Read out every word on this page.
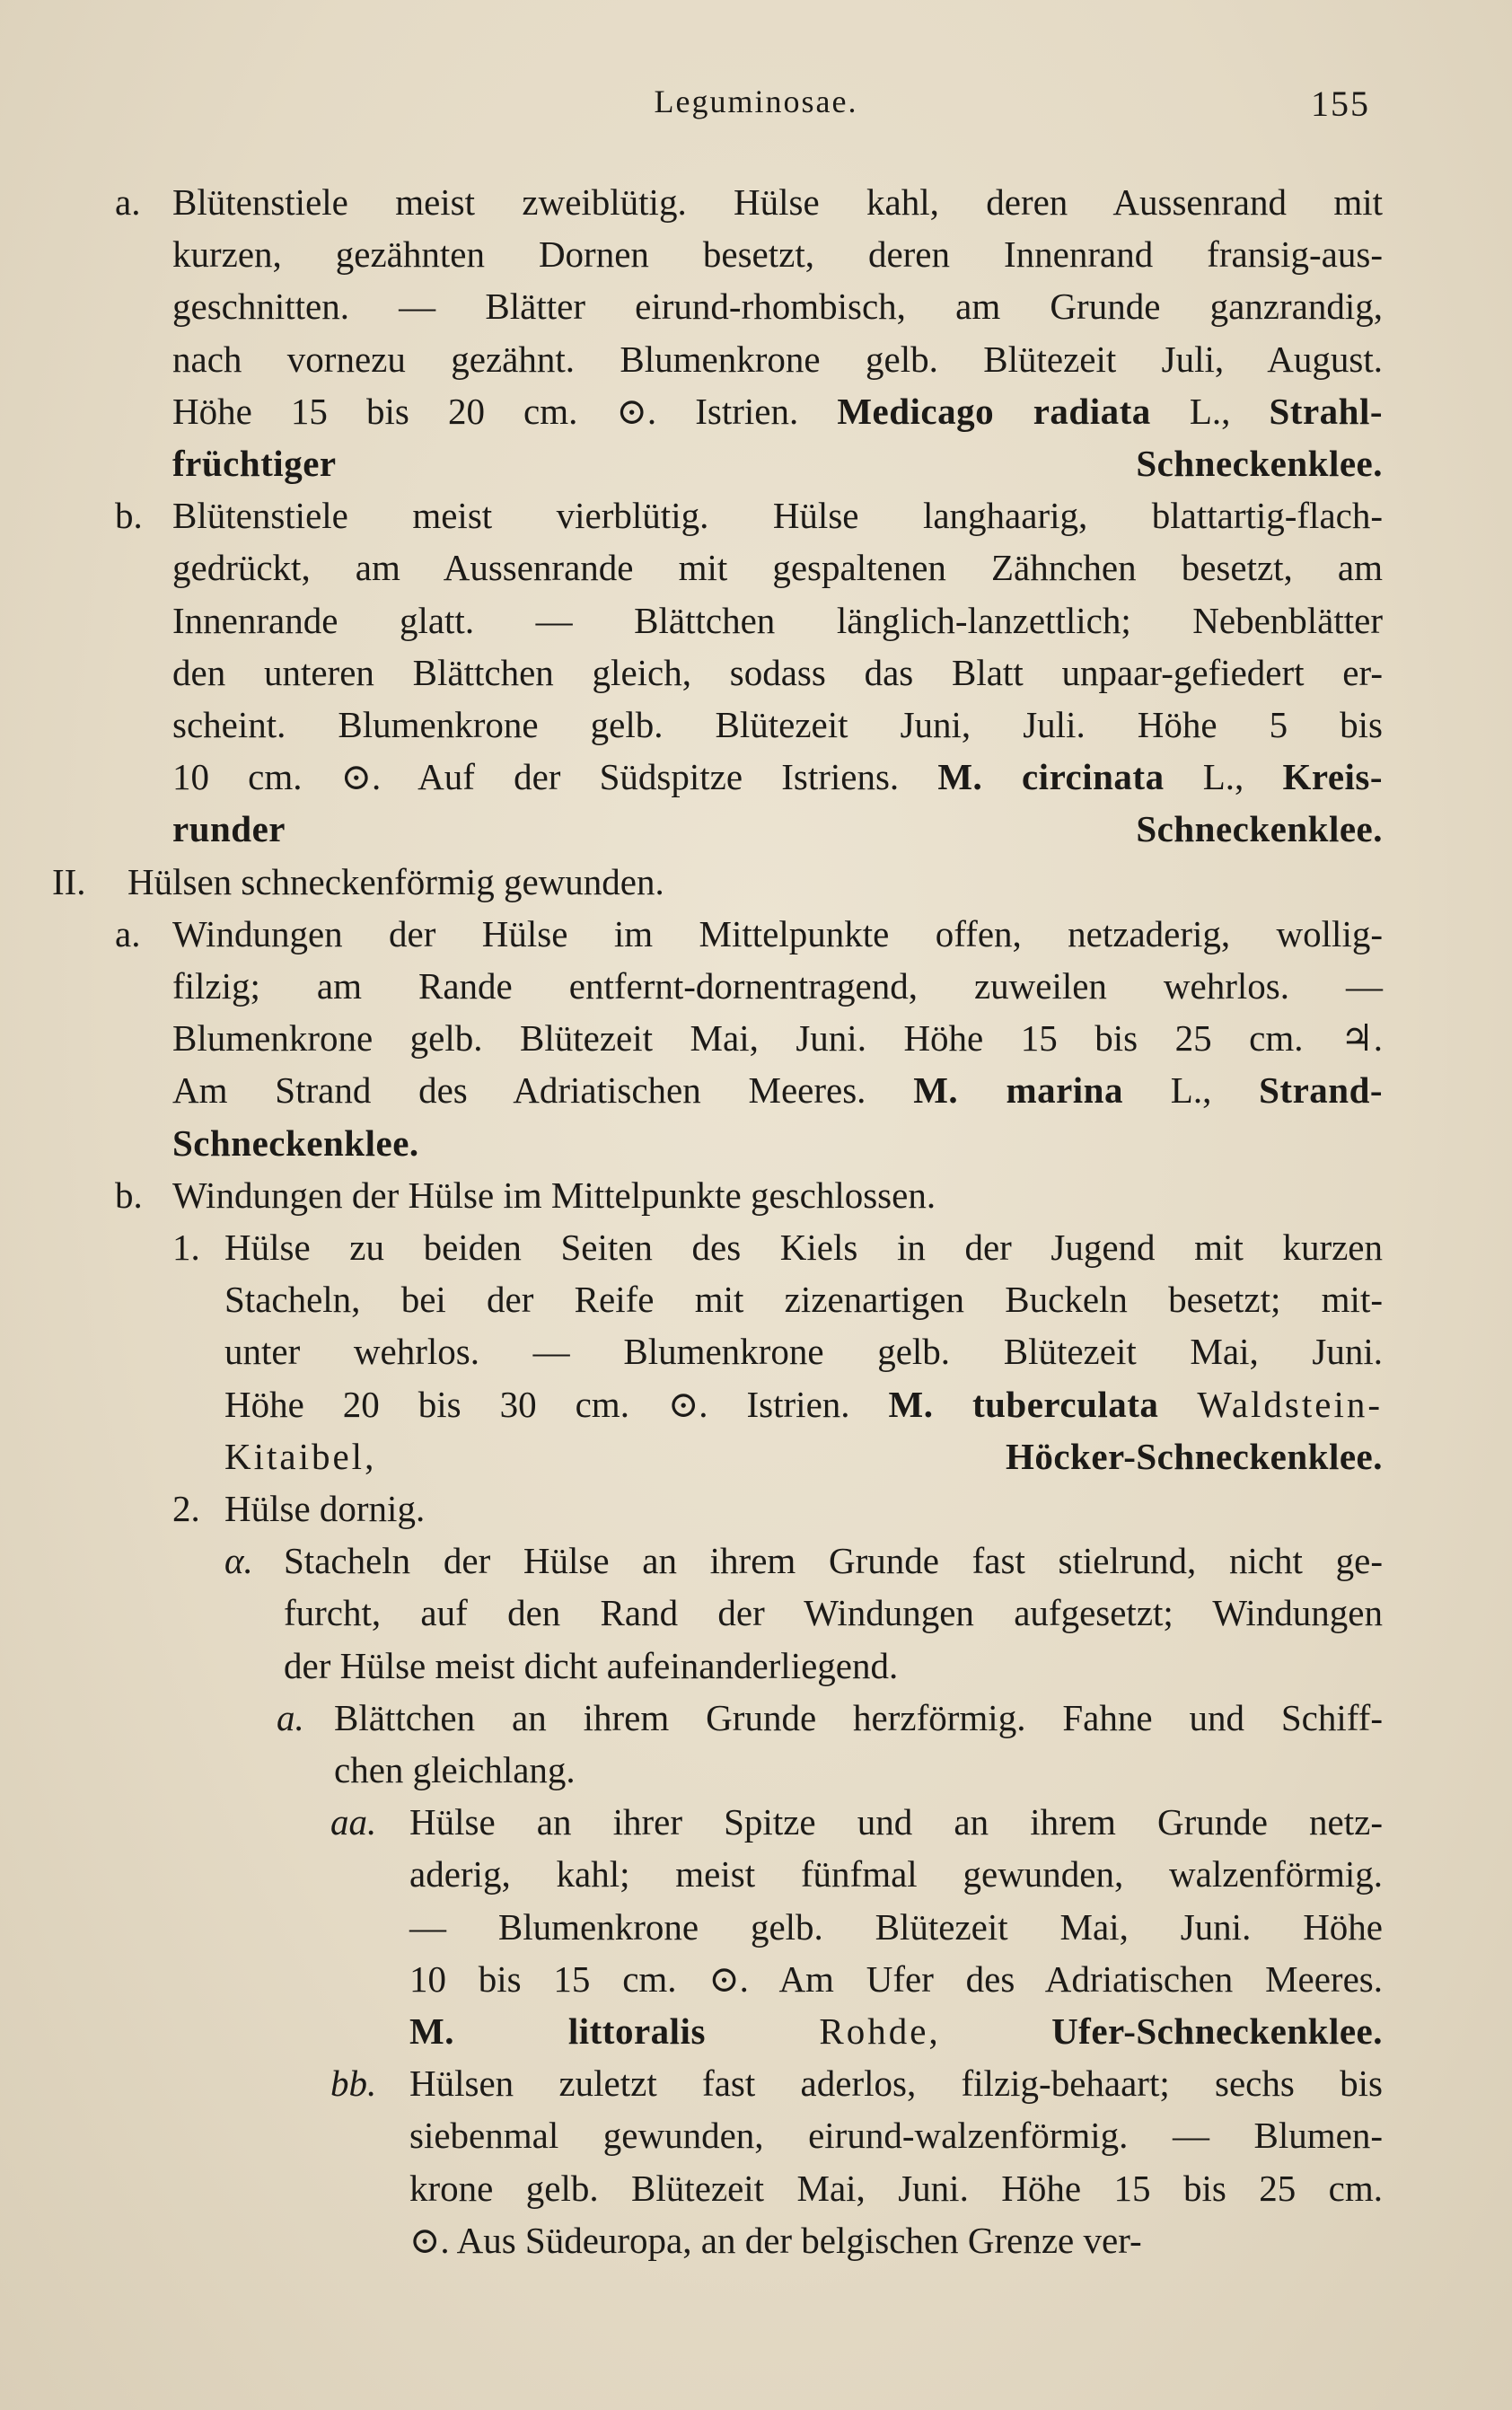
Leguminosae.	155
a. Blütenstiele meist zweiblütig. Hülse kahl, deren Aussenrand mit
kurzen, gezähnten Dornen besetzt, deren Innenrand fransig-aus-
geschnitten. — Blätter eirund-rhombisch, am Grunde ganzrandig,
nach vornezu gezähnt. Blumenkrone gelb. Blütezeit Juli, August.
Höhe 15 bis 20 cm. ⊙. Istrien. Medicago radiata L., Strahl-
früchtiger Schneckenklee.
b. Blütenstiele meist vierblütig. Hülse langhaarig, blattartig-flach-
gedrückt, am Aussenrande mit gespaltenen Zähnchen besetzt, am
Innenrande glatt. — Blättchen länglich-lanzettlich; Nebenblätter
den unteren Blättchen gleich, sodass das Blatt unpaar-gefiedert er-
scheint. Blumenkrone gelb. Blütezeit Juni, Juli. Höhe 5 bis
10 cm. ⊙. Auf der Südspitze Istriens. M. circinata L., Kreis-
runder Schneckenklee.
II. Hülsen schneckenförmig gewunden.
a. Windungen der Hülse im Mittelpunkte offen, netzaderig, wollig-
filzig; am Rande entfernt-dornentragend, zuweilen wehrlos. —
Blumenkrone gelb. Blütezeit Mai, Juni. Höhe 15 bis 25 cm. ♃.
Am Strand des Adriatischen Meeres. M. marina L., Strand-
Schneckenklee.
b. Windungen der Hülse im Mittelpunkte geschlossen.
1. Hülse zu beiden Seiten des Kiels in der Jugend mit kurzen
Stacheln, bei der Reife mit zizenartigen Buckeln besetzt; mit-
unter wehrlos. — Blumenkrone gelb. Blütezeit Mai, Juni.
Höhe 20 bis 30 cm. ⊙. Istrien. M. tuberculata Waldstein-
Kitaibel, Höcker-Schneckenklee.
2. Hülse dornig.
α. Stacheln der Hülse an ihrem Grunde fast stielrund, nicht ge-
furcht, auf den Rand der Windungen aufgesetzt; Windungen
der Hülse meist dicht aufeinanderliegend.
a. Blättchen an ihrem Grunde herzförmig. Fahne und Schiff-
chen gleichlang.
aa. Hülse an ihrer Spitze und an ihrem Grunde netz-
aderig, kahl; meist fünfmal gewunden, walzenförmig.
— Blumenkrone gelb. Blütezeit Mai, Juni. Höhe
10 bis 15 cm. ⊙. Am Ufer des Adriatischen Meeres.
M. littoralis	Rohde, Ufer-Schneckenklee.
bb. Hülsen zuletzt fast aderlos, filzig-behaart; sechs bis
siebenmal gewunden, eirund-walzenförmig. — Blumen-
krone gelb. Blütezeit Mai, Juni. Höhe 15 bis 25 cm.
⊙. Aus Südeuropa, an der belgischen Grenze ver-
